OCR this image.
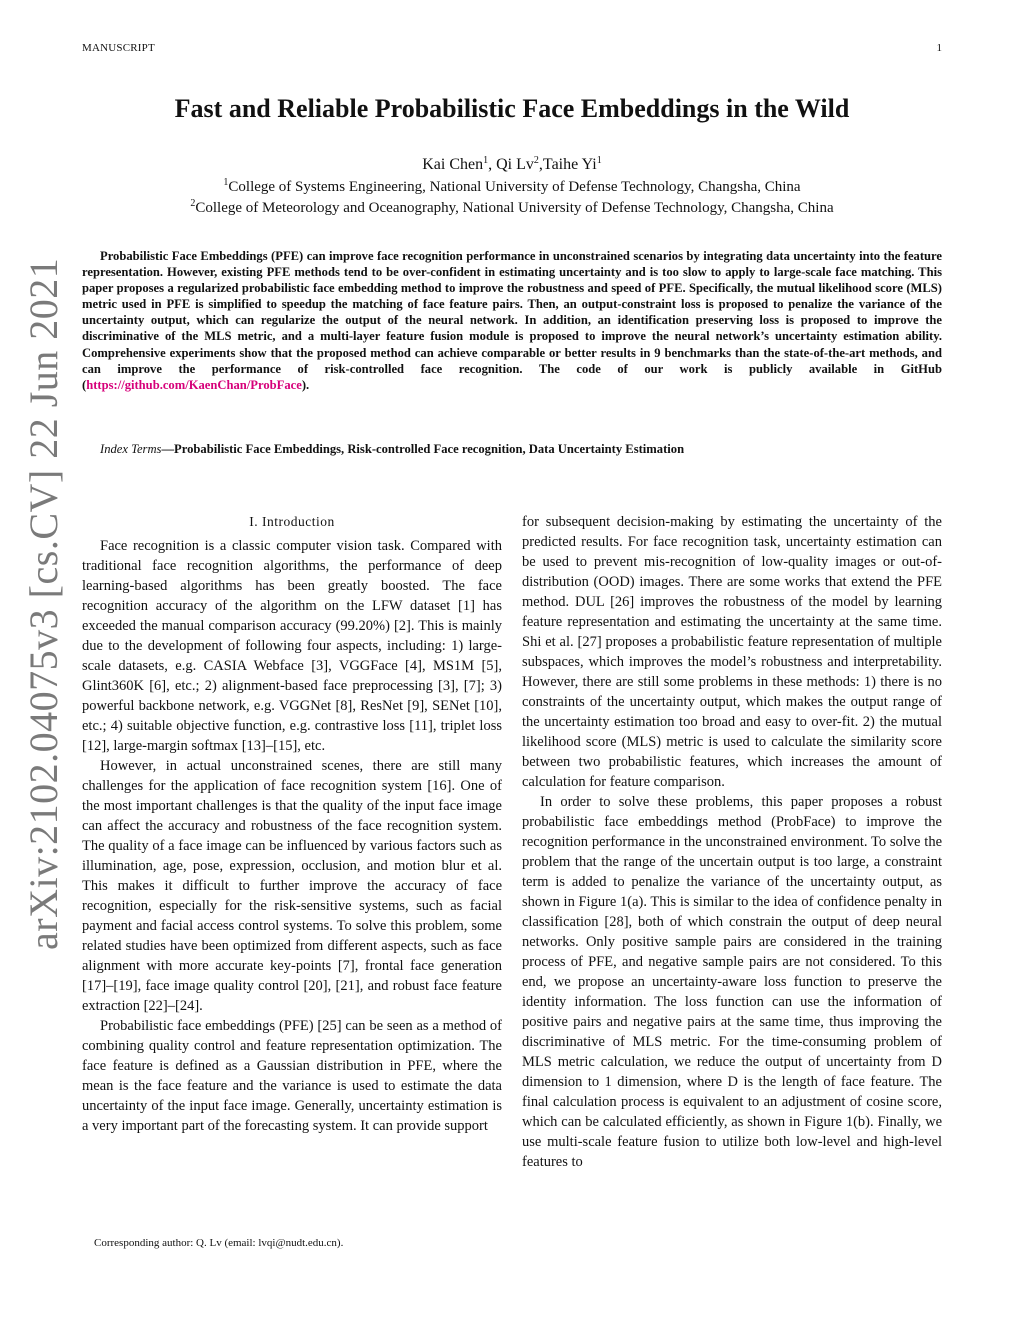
MANUSCRIPT	1
arXiv:2102.04075v3 [cs.CV] 22 Jun 2021
Fast and Reliable Probabilistic Face Embeddings in the Wild
Kai Chen$^1$, Qi Lv$^2$,Taihe Yi$^1$
$^1$College of Systems Engineering, National University of Defense Technology, Changsha, China
$^2$College of Meteorology and Oceanography, National University of Defense Technology, Changsha, China
Probabilistic Face Embeddings (PFE) can improve face recognition performance in unconstrained scenarios by integrating data uncertainty into the feature representation. However, existing PFE methods tend to be over-confident in estimating uncertainty and is too slow to apply to large-scale face matching. This paper proposes a regularized probabilistic face embedding method to improve the robustness and speed of PFE. Specifically, the mutual likelihood score (MLS) metric used in PFE is simplified to speedup the matching of face feature pairs. Then, an output-constraint loss is proposed to penalize the variance of the uncertainty output, which can regularize the output of the neural network. In addition, an identification preserving loss is proposed to improve the discriminative of the MLS metric, and a multi-layer feature fusion module is proposed to improve the neural network’s uncertainty estimation ability. Comprehensive experiments show that the proposed method can achieve comparable or better results in 9 benchmarks than the state-of-the-art methods, and can improve the performance of risk-controlled face recognition. The code of our work is publicly available in GitHub (https://github.com/KaenChan/ProbFace).
Index Terms—Probabilistic Face Embeddings, Risk-controlled Face recognition, Data Uncertainty Estimation
I. Introduction

Face recognition is a classic computer vision task. Compared with traditional face recognition algorithms, the performance of deep learning-based algorithms has been greatly boosted. The face recognition accuracy of the algorithm on the LFW dataset [1] has exceeded the manual comparison accuracy (99.20%) [2]. This is mainly due to the development of following four aspects, including: 1) large-scale datasets, e.g. CASIA Webface [3], VGGFace [4], MS1M [5], Glint360K [6], etc.; 2) alignment-based face preprocessing [3], [7]; 3) powerful backbone network, e.g. VGGNet [8], ResNet [9], SENet [10], etc.; 4) suitable objective function, e.g. contrastive loss [11], triplet loss [12], large-margin softmax [13]–[15], etc.

However, in actual unconstrained scenes, there are still many challenges for the application of face recognition system [16]. One of the most important challenges is that the quality of the input face image can affect the accuracy and robustness of the face recognition system. The quality of a face image can be influenced by various factors such as illumination, age, pose, expression, occlusion, and motion blur et al. This makes it difficult to further improve the accuracy of face recognition, especially for the risk-sensitive systems, such as facial payment and facial access control systems. To solve this problem, some related studies have been optimized from different aspects, such as face alignment with more accurate key-points [7], frontal face generation [17]–[19], face image quality control [20], [21], and robust face feature extraction [22]–[24].

Probabilistic face embeddings (PFE) [25] can be seen as a method of combining quality control and feature representation optimization. The face feature is defined as a Gaussian distribution in PFE, where the mean is the face feature and the variance is used to estimate the data uncertainty of the input face image. Generally, uncertainty estimation is a very important part of the forecasting system. It can provide support

for subsequent decision-making by estimating the uncertainty of the predicted results. For face recognition task, uncertainty estimation can be used to prevent mis-recognition of low-quality images or out-of-distribution (OOD) images. There are some works that extend the PFE method. DUL [26] improves the robustness of the model by learning feature representation and estimating the uncertainty at the same time. Shi et al. [27] proposes a probabilistic feature representation of multiple subspaces, which improves the model’s robustness and interpretability. However, there are still some problems in these methods: 1) there is no constraints of the uncertainty output, which makes the output range of the uncertainty estimation too broad and easy to over-fit. 2) the mutual likelihood score (MLS) metric is used to calculate the similarity score between two probabilistic features, which increases the amount of calculation for feature comparison.

In order to solve these problems, this paper proposes a robust probabilistic face embeddings method (ProbFace) to improve the recognition performance in the unconstrained environment. To solve the problem that the range of the uncertain output is too large, a constraint term is added to penalize the variance of the uncertainty output, as shown in Figure 1(a). This is similar to the idea of confidence penalty in classification [28], both of which constrain the output of deep neural networks. Only positive sample pairs are considered in the training process of PFE, and negative sample pairs are not considered. To this end, we propose an uncertainty-aware loss function to preserve the identity information. The loss function can use the information of positive pairs and negative pairs at the same time, thus improving the discriminative of MLS metric. For the time-consuming problem of MLS metric calculation, we reduce the output of uncertainty from D dimension to 1 dimension, where D is the length of face feature. The final calculation process is equivalent to an adjustment of cosine score, which can be calculated efficiently, as shown in Figure 1(b). Finally, we use multi-scale feature fusion to utilize both low-level and high-level features to

Corresponding author: Q. Lv (email: lvqi@nudt.edu.cn).
